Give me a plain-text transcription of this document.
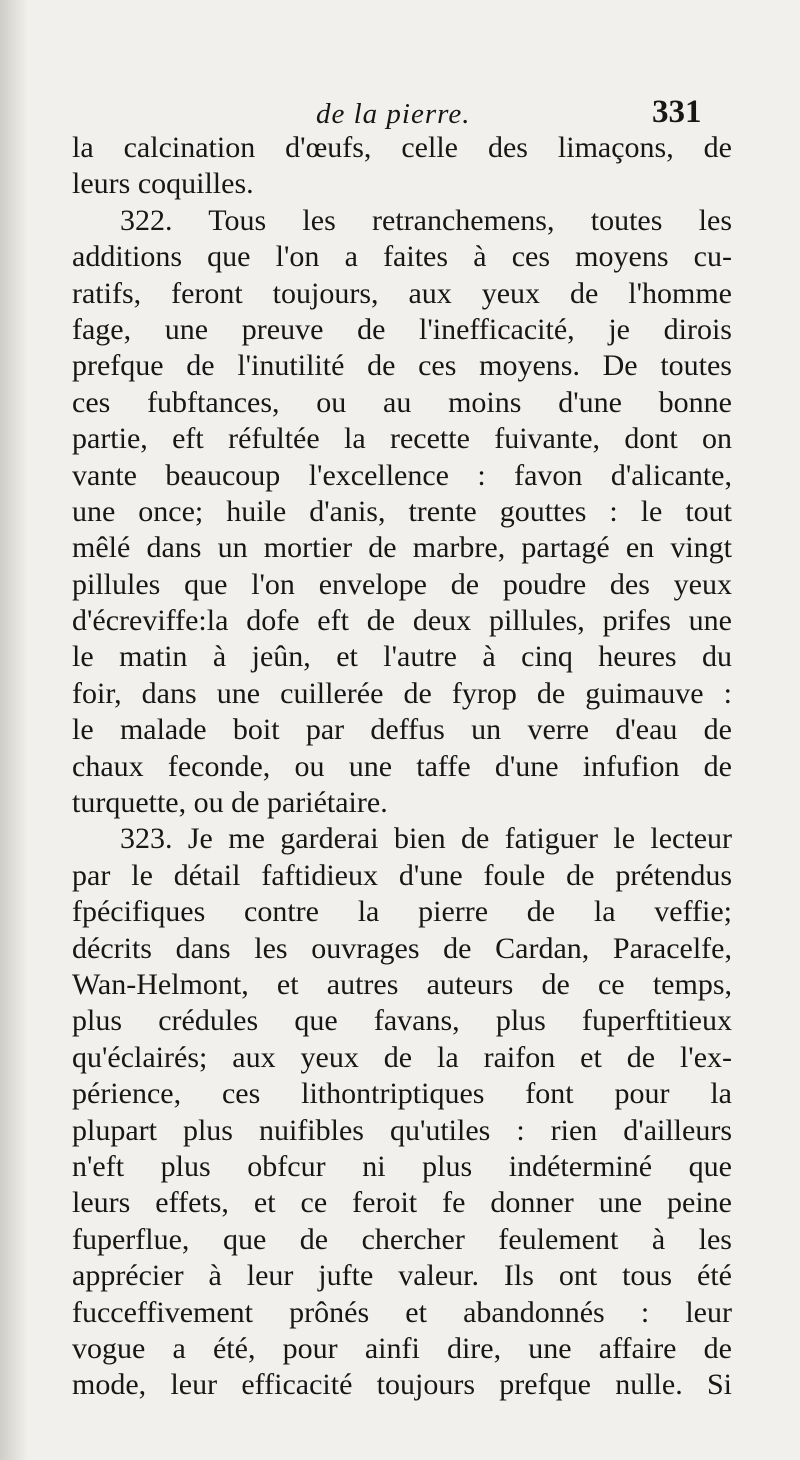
de la pierre.	331
la calcination d'œufs, celle des limaçons, de
leurs coquilles.
322. Tous les retranchemens, toutes les
additions que l'on a faites à ces moyens cu-
ratifs, feront toujours, aux yeux de l'homme
fage, une preuve de l'inefficacité, je dirois
prefque de l'inutilité de ces moyens. De toutes
ces fubftances, ou au moins d'une bonne
partie, eft réfultée la recette fuivante, dont on
vante beaucoup l'excellence : favon d'alicante,
une once; huile d'anis, trente gouttes : le tout
mêlé dans un mortier de marbre, partagé en vingt
pillules que l'on envelope de poudre des yeux
d'écreviffe:la dofe eft de deux pillules, prifes une
le matin à jeûn, et l'autre à cinq heures du
foir, dans une cuillerée de fyrop de guimauve :
le malade boit par deffus un verre d'eau de
chaux feconde, ou une taffe d'une infufion de
turquette, ou de pariétaire.
323. Je me garderai bien de fatiguer le lecteur
par le détail faftidieux d'une foule de prétendus
fpécifiques contre la pierre de la veffie;
décrits dans les ouvrages de Cardan, Paracelfe,
Wan-Helmont, et autres auteurs de ce temps,
plus crédules que favans, plus fuperftitieux
qu'éclairés; aux yeux de la raifon et de l'ex-
périence, ces lithontriptiques font pour la
plupart plus nuifibles qu'utiles : rien d'ailleurs
n'eft plus obfcur ni plus indéterminé que
leurs effets, et ce feroit fe donner une peine
fuperflue, que de chercher feulement à les
apprécier à leur jufte valeur. Ils ont tous été
fucceffivement prônés et abandonnés : leur
vogue a été, pour ainfi dire, une affaire de
mode, leur efficacité toujours prefque nulle. Si
